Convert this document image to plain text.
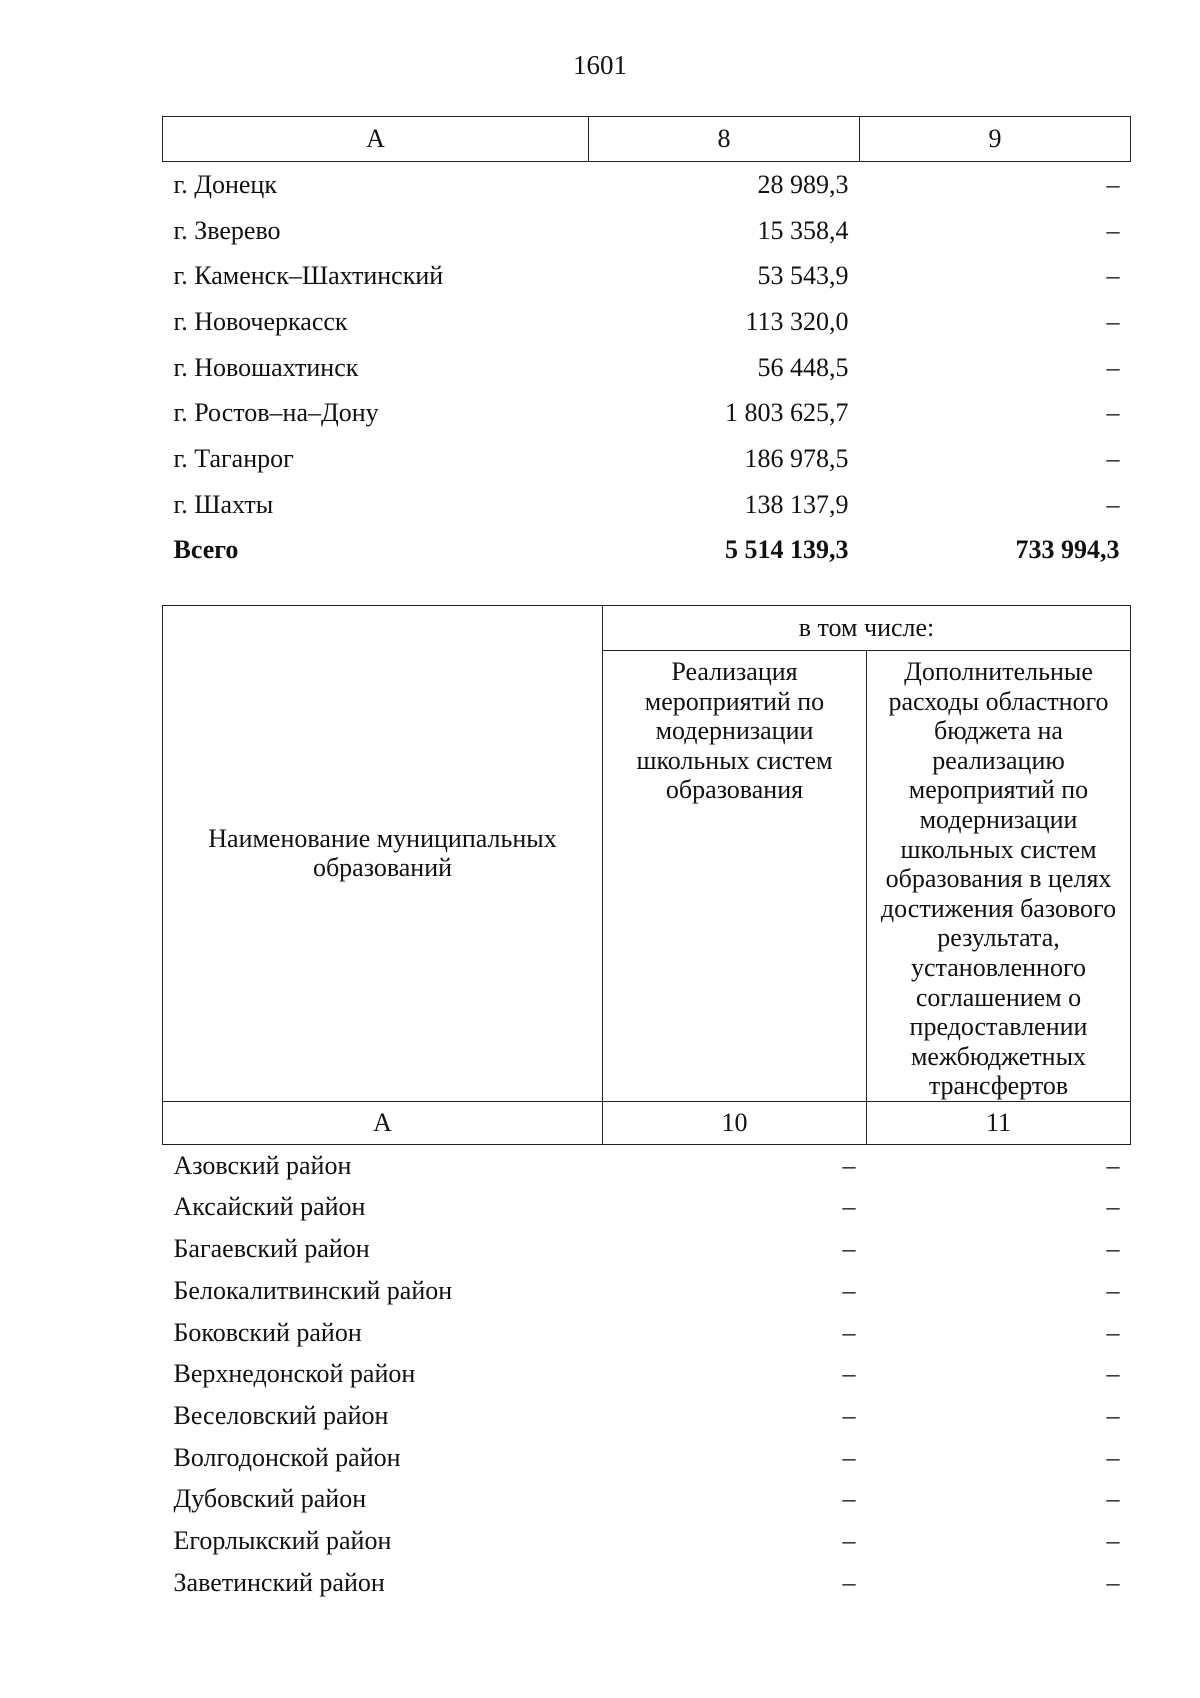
1601
А	8	9
г. Донецк	28 989,3	–
г. Зверево	15 358,4	–
г. Каменск–Шахтинский	53 543,9	–
г. Новочеркасск	113 320,0	–
г. Новошахтинск	56 448,5	–
г. Ростов–на–Дону	1 803 625,7	–
г. Таганрог	186 978,5	–
г. Шахты	138 137,9	–
Всего	5 514 139,3	733 994,3
Наименование муниципальных образований	в том числе:	
	Реализация мероприятий по модернизации школьных систем образования	Дополнительные расходы областного бюджета на реализацию мероприятий по модернизации школьных систем образования в целях достижения базового результата, установленного соглашением о предоставлении межбюджетных трансфертов
А	10	11
Азовский район	–	–
Аксайский район	–	–
Багаевский район	–	–
Белокалитвинский район	–	–
Боковский район	–	–
Верхнедонской район	–	–
Веселовский район	–	–
Волгодонской район	–	–
Дубовский район	–	–
Егорлыкский район	–	–
Заветинский район	–	–
